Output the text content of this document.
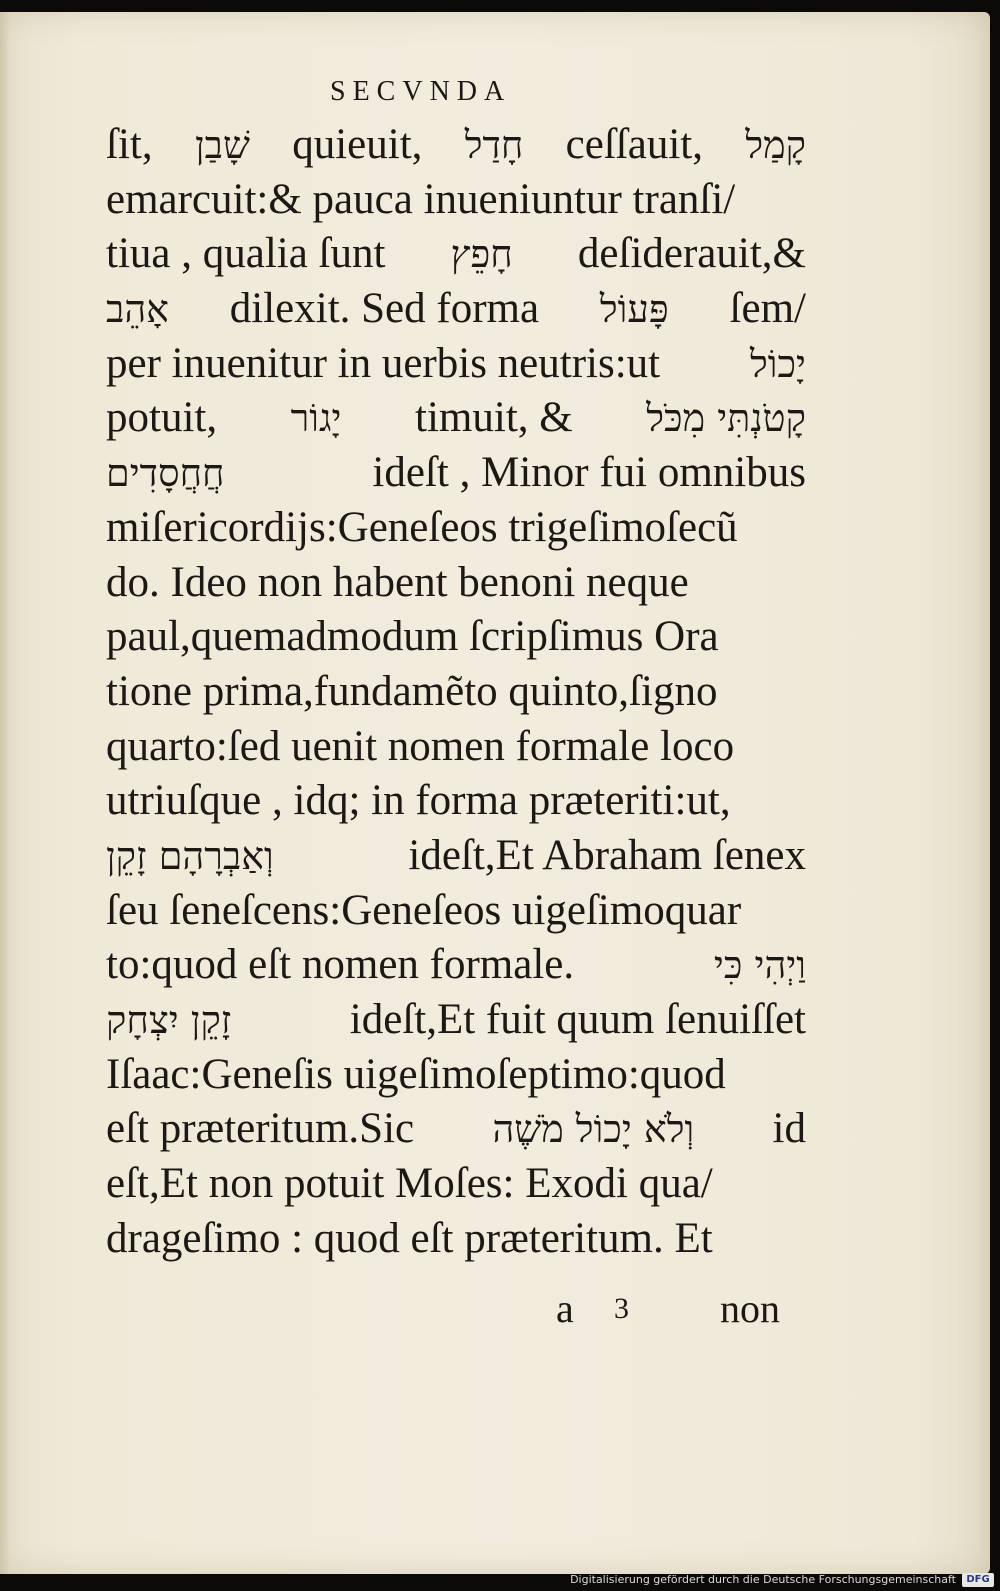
SECVNDA
ſit, שָׁבַן quieuit, חָדַל ceſſauit, קָמַל
emarcuit:& pauca inueniuntur tranſi/
tiua , qualia ſunt חָפֵץ deſiderauit,&
אָהֵב dilexit. Sed forma פָּעוֹל ſem/
per inuenitur in uerbis neutris:ut יָכוֹל
potuit, יָגוֹר timuit, & קָטֹנְתִּי מִכֹּל
חֲחֲסָדִים	ideſt , Minor fui omnibus
miſericordijs:Geneſeos trigeſimoſecũ
do. Ideo non habent benoni neque
paul,quemadmodum ſcripſimus Ora
tione prima,fundamẽto quinto,ſigno
quarto:ſed uenit nomen formale loco
utriuſque , idq; in forma præteriti:ut,
וְאַבְרָהָם זָקֵן	ideſt,Et Abraham ſenex
ſeu ſeneſcens:Geneſeos uigeſimoquar
to:quod eſt nomen formale.	וַיְהִי כִּי
זָקֵן יִצְחָק	ideſt,Et fuit quum ſenuiſſet
Iſaac:Geneſis uigeſimoſeptimo:quod
eſt præteritum.Sic וְלֹא יָכוֹל מֹשֶׁה id
eſt,Et non potuit Moſes: Exodi qua/
drageſimo : quod eſt præteritum. Et
a 3 non
Digitalisierung gefördert durch die Deutsche Forschungsgemeinschaft	DFG
